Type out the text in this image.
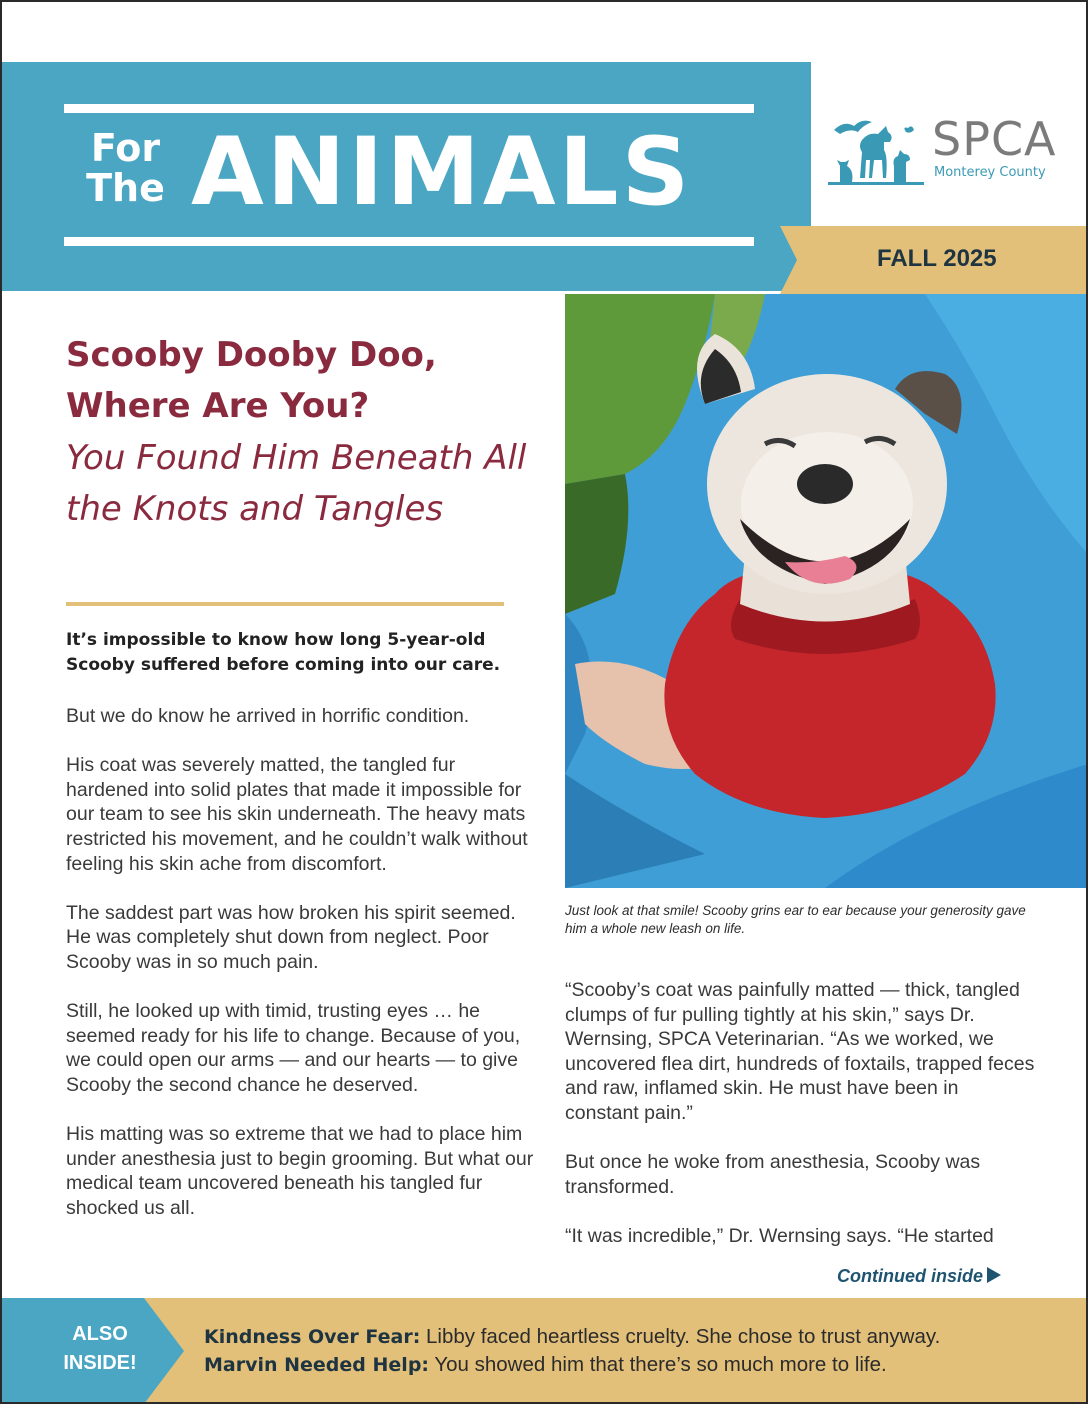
For The ANIMALS	SPCA
Monterey County
FALL 2025
Scooby Dooby Doo, Where Are You?
You Found Him Beneath All the Knots and Tangles
It’s impossible to know how long 5-year-old Scooby suffered before coming into our care.

But we do know he arrived in horrific condition.

His coat was severely matted, the tangled fur hardened into solid plates that made it impossible for our team to see his skin underneath. The heavy mats restricted his movement, and he couldn’t walk without feeling his skin ache from discomfort.

The saddest part was how broken his spirit seemed. He was completely shut down from neglect. Poor Scooby was in so much pain.

Still, he looked up with timid, trusting eyes … he seemed ready for his life to change. Because of you, we could open our arms — and our hearts — to give Scooby the second chance he deserved.

His matting was so extreme that we had to place him under anesthesia just to begin grooming. But what our medical team uncovered beneath his tangled fur shocked us all.

Just look at that smile! Scooby grins ear to ear because your generosity gave him a whole new leash on life.

“Scooby’s coat was painfully matted — thick, tangled clumps of fur pulling tightly at his skin,” says Dr. Wernsing, SPCA Veterinarian. “As we worked, we uncovered flea dirt, hundreds of foxtails, trapped feces and raw, inflamed skin. He must have been in constant pain.”

But once he woke from anesthesia, Scooby was transformed.

“It was incredible,” Dr. Wernsing says. “He started

Continued inside
ALSO INSIDE!
Kindness Over Fear: Libby faced heartless cruelty. She chose to trust anyway.
Marvin Needed Help: You showed him that there’s so much more to life.
